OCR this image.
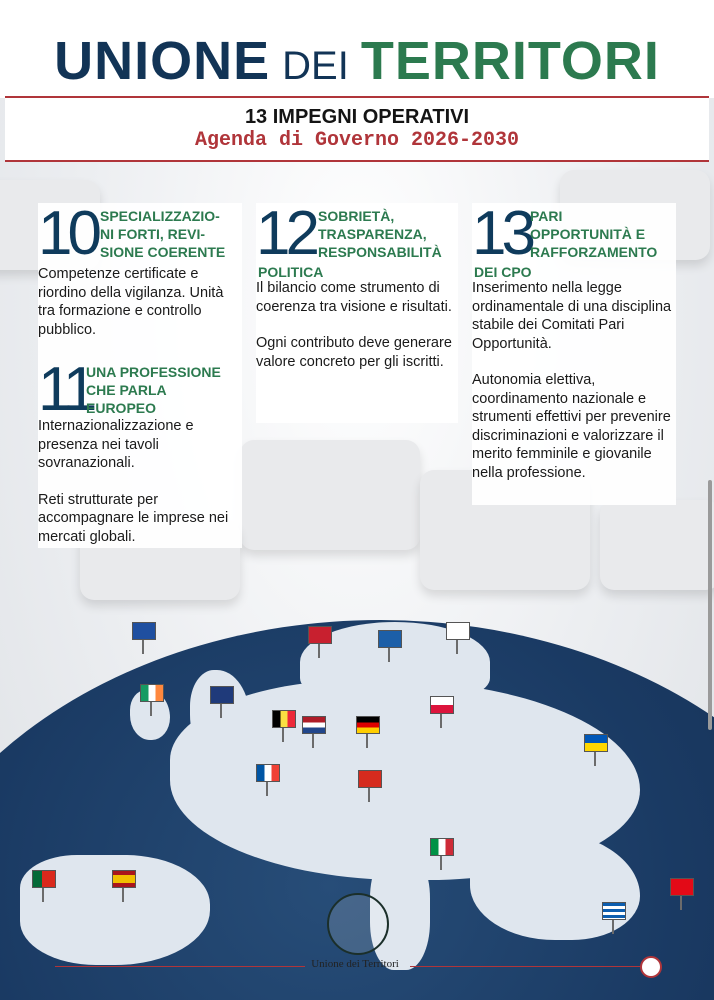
UNIONE DEI TERRITORI
13 IMPEGNI OPERATIVI
Agenda di Governo 2026-2030
10 SPECIALIZZAZIO-
NI FORTI, REVI-
SIONE COERENTE
Competenze certificate e riordino della vigilanza. Unità tra formazione e controllo pubblico.
11
UNA PROFESSIONE
CHE PARLA
EUROPEO
Internazionalizzazione e presenza nei tavoli sovranazionali.
Reti strutturate per accompagnare le imprese nei mercati globali.
12 SOBRIETÀ,
TRASPARENZA,
RESPONSABILITÀ
POLITICA
Il bilancio come strumento di coerenza tra visione e risultati.
Ogni contributo deve generare valore concreto per gli iscritti.
13 PARI
OPPORTUNITÀ E
RAFFORZAMENTO
DEI CPO
Inserimento nella legge ordinamentale di una disciplina stabile dei Comitati Pari Opportunità.
Autonomia elettiva, coordinamento nazionale e strumenti effettivi per prevenire discriminazioni e valorizzare il merito femminile e giovanile nella professione.
Unione dei Territori
